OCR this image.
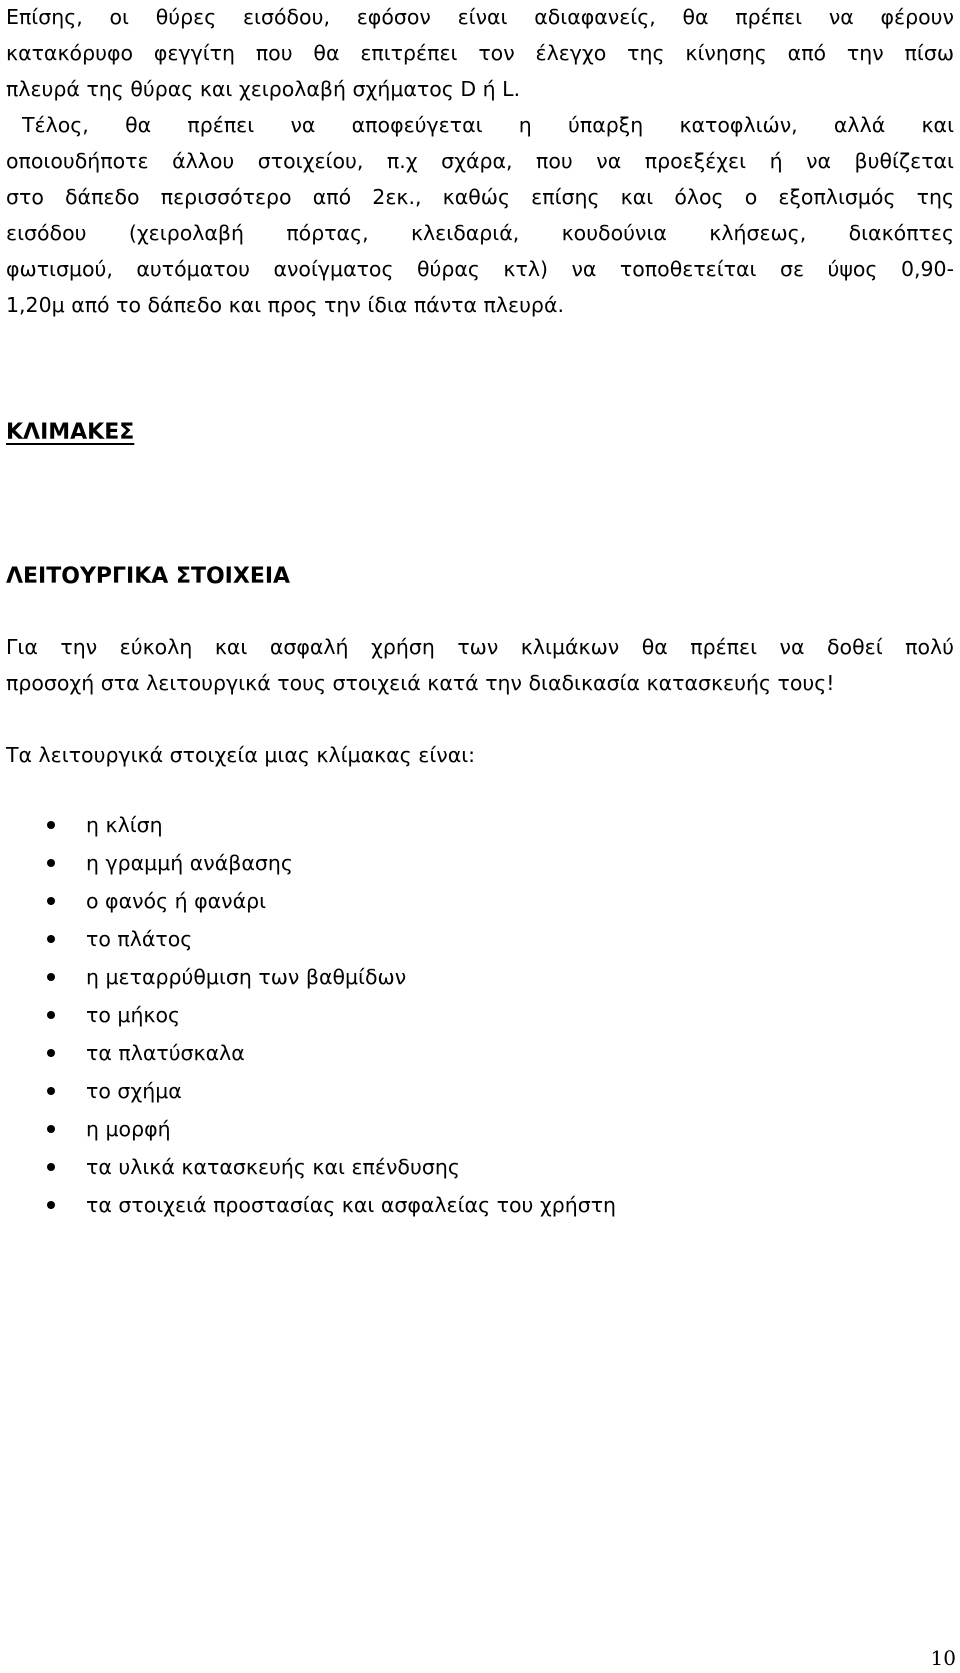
Επίσης, οι θύρες εισόδου, εφόσον είναι αδιαφανείς, θα πρέπει να φέρουν
κατακόρυφο φεγγίτη που θα επιτρέπει τον έλεγχο της κίνησης από την πίσω
πλευρά της θύρας και χειρολαβή σχήματος D ή L.
Τέλος, θα πρέπει να αποφεύγεται η ύπαρξη κατοφλιών, αλλά και
οποιουδήποτε άλλου στοιχείου, π.χ σχάρα, που να προεξέχει ή να βυθίζεται
στο δάπεδο περισσότερο από 2εκ., καθώς επίσης και όλος ο εξοπλισμός της
εισόδου (χειρολαβή πόρτας, κλειδαριά, κουδούνια κλήσεως, διακόπτες
φωτισμού, αυτόματου ανοίγματος θύρας κτλ) να τοποθετείται σε ύψος 0,90-
1,20μ από το δάπεδο και προς την ίδια πάντα πλευρά.
ΚΛΙΜΑΚΕΣ
ΛΕΙΤΟΥΡΓΙΚΑ ΣΤΟΙΧΕΙΑ
Για την εύκολη και ασφαλή χρήση των κλιμάκων θα πρέπει να δοθεί πολύ
προσοχή στα λειτουργικά τους στοιχειά κατά την διαδικασία κατασκευής τους!
Τα λειτουργικά στοιχεία μιας κλίμακας είναι:
η κλίση
η γραμμή ανάβασης
ο φανός ή φανάρι
το πλάτος
η μεταρρύθμιση των βαθμίδων
το μήκος
τα πλατύσκαλα
το σχήμα
η μορφή
τα υλικά κατασκευής και επένδυσης
τα στοιχειά προστασίας και ασφαλείας του χρήστη
10
